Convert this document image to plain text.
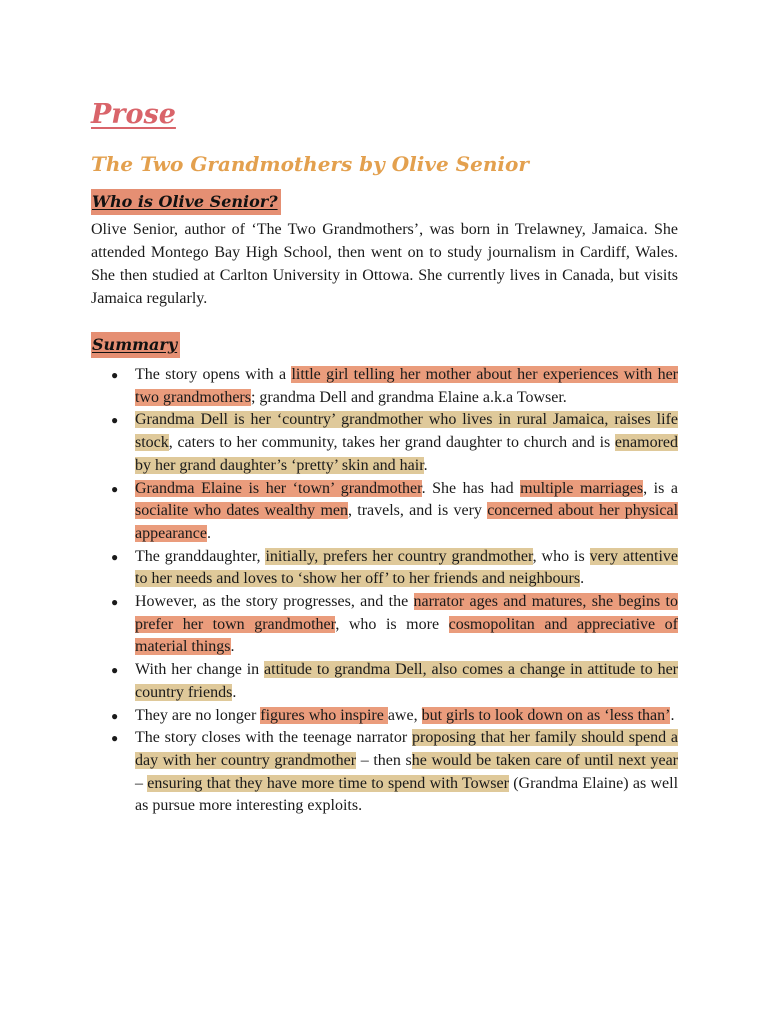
Prose
The Two Grandmothers by Olive Senior
Who is Olive Senior?

Olive Senior, author of ‘The Two Grandmothers’, was born in Trelawney, Jamaica. She attended Montego Bay High School, then went on to study journalism in Cardiff, Wales. She then studied at Carlton University in Ottowa. She currently lives in Canada, but visits Jamaica regularly.

Summary
● The story opens with a little girl telling her mother about her experiences with her two grandmothers; grandma Dell and grandma Elaine a.k.a Towser.
● Grandma Dell is her ‘country’ grandmother who lives in rural Jamaica, raises life stock, caters to her community, takes her grand daughter to church and is enamored by her grand daughter’s ‘pretty’ skin and hair.
● Grandma Elaine is her ‘town’ grandmother. She has had multiple marriages, is a socialite who dates wealthy men, travels, and is very concerned about her physical appearance.
● The granddaughter, initially, prefers her country grandmother, who is very attentive to her needs and loves to ‘show her off’ to her friends and neighbours.
● However, as the story progresses, and the narrator ages and matures, she begins to prefer her town grandmother, who is more cosmopolitan and appreciative of material things.
● With her change in attitude to grandma Dell, also comes a change in attitude to her country friends.
● They are no longer figures who inspire awe, but girls to look down on as ‘less than’.
● The story closes with the teenage narrator proposing that her family should spend a day with her country grandmother – then she would be taken care of until next year – ensuring that they have more time to spend with Towser (Grandma Elaine) as well as pursue more interesting exploits.
